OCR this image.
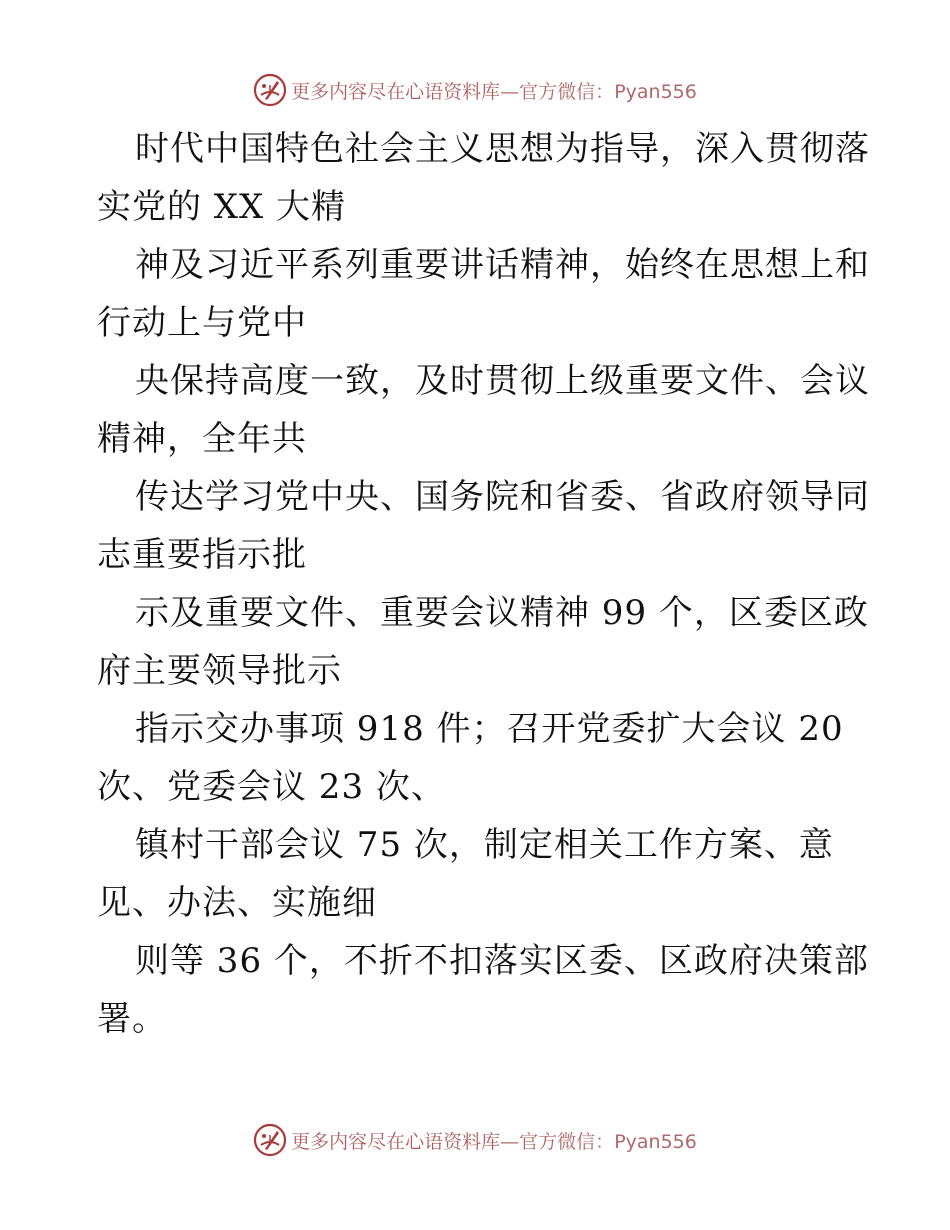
更多内容尽在心语资料库—官方微信：Pyan556
时代中国特色社会主义思想为指导，深入贯彻落
实党的 XX 大精
神及习近平系列重要讲话精神，始终在思想上和
行动上与党中
央保持高度一致，及时贯彻上级重要文件、会议
精神，全年共
传达学习党中央、国务院和省委、省政府领导同
志重要指示批
示及重要文件、重要会议精神 99 个，区委区政
府主要领导批示
指示交办事项 918 件；召开党委扩大会议 20
次、党委会议 23 次、
镇村干部会议 75 次，制定相关工作方案、意
见、办法、实施细
则等 36 个，不折不扣落实区委、区政府决策部
署。
更多内容尽在心语资料库—官方微信：Pyan556
